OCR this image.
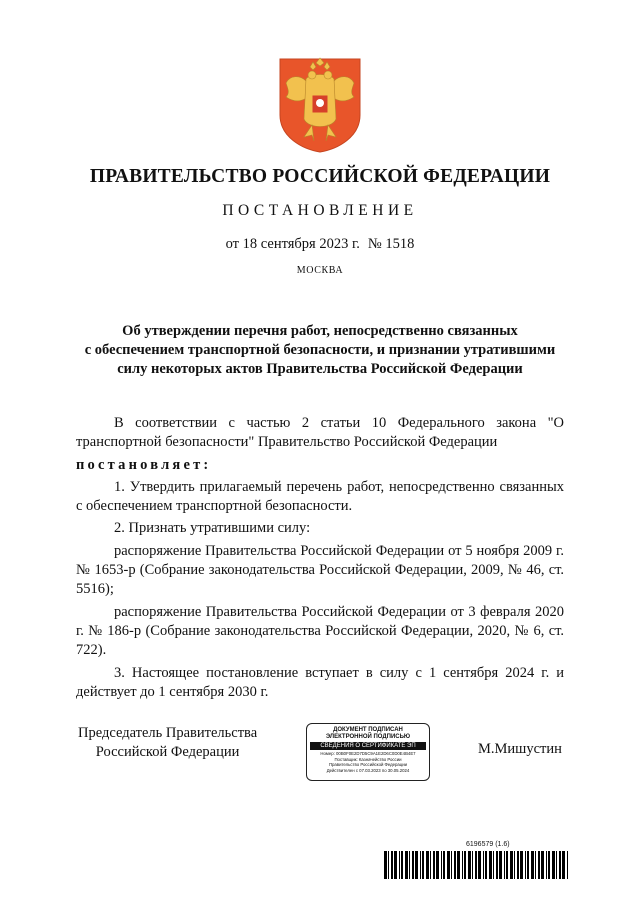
ПРАВИТЕЛЬСТВО РОССИЙСКОЙ ФЕДЕРАЦИИ
ПОСТАНОВЛЕНИЕ
от 18 сентября 2023 г. № 1518
МОСКВА
Об утверждении перечня работ, непосредственно связанных
с обеспечением транспортной безопасности, и признании утратившими
силу некоторых актов Правительства Российской Федерации

В соответствии с частью 2 статьи 10 Федерального закона "О транспортной безопасности" Правительство Российской Федерации

постановляет:

1. Утвердить прилагаемый перечень работ, непосредственно связанных с обеспечением транспортной безопасности.

2. Признать утратившими силу:

распоряжение Правительства Российской Федерации от 5 ноября 2009 г. № 1653-р (Собрание законодательства Российской Федерации, 2009, № 46, ст. 5516);

распоряжение Правительства Российской Федерации от 3 февраля 2020 г. № 186-р (Собрание законодательства Российской Федерации, 2020, № 6, ст. 722).

3. Настоящее постановление вступает в силу с 1 сентября 2024 г. и действует до 1 сентября 2030 г.

Председатель Правительства
Российской Федерации
ДОКУМЕНТ ПОДПИСАН
ЭЛЕКТРОННОЙ ПОДПИСЬЮ
СВЕДЕНИЯ О СЕРТИФИКАТЕ ЭП
Номер: 00B0F0E2D7D5C9A1E2D6C0D0E4B4E7
Поставщик: Казначейство России
Правительство Российской Федерации
Действителен с 07.03.2023 по 30.05.2024
М.Мишустин
6196579 (1.6)
